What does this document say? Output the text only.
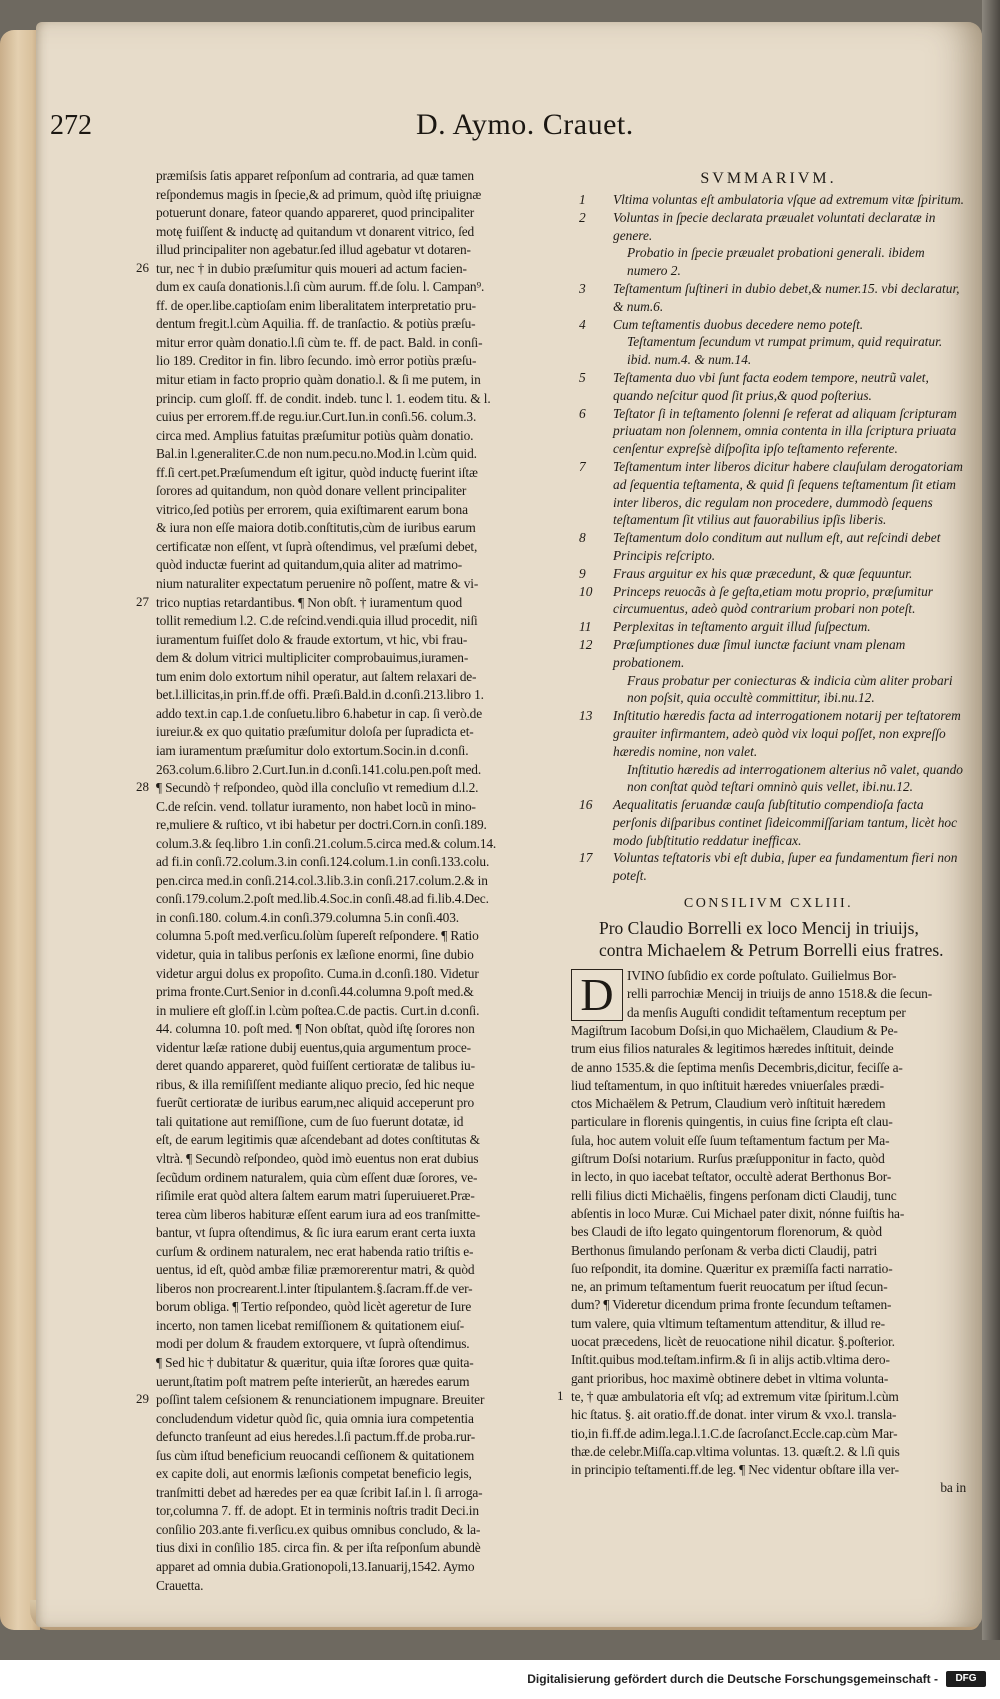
272	D. Aymo. Crauet.
præmiſsis ſatis apparet reſponſum ad contraria, ad quæ tamen
reſpondemus magis in ſpecie,& ad primum, quòd iſtę priuignæ
potuerunt donare, fateor quando appareret, quod principaliter
motę fuiſſent & inductę ad quitandum vt donarent vitrico, ſed
illud principaliter non agebatur.ſed illud agebatur vt dotaren-
tur, nec † in dubio præſumitur quis moueri ad actum facien-
dum ex cauſa donationis.l.ſi cùm aurum. ff.de ſolu. l. Campan⁹.
ff. de oper.libe.captioſam enim liberalitatem interpretatio pru-
dentum fregit.l.cùm Aquilia. ff. de tranſactio. & potiùs præſu-
mitur error quàm donatio.l.ſi cùm te. ff. de pact. Bald. in conſi-
lio 189. Creditor in fin. libro ſecundo. imò error potiùs præſu-
mitur etiam in facto proprio quàm donatio.l. & ſi me putem, in
princip. cum gloſſ. ff. de condit. indeb. tunc l. 1. eodem titu. & l.
cuius per errorem.ff.de regu.iur.Curt.Iun.in conſi.56. colum.3.
circa med. Amplius fatuitas præſumitur potiùs quàm donatio.
Bal.in l.generaliter.C.de non num.pecu.no.Mod.in l.cùm quid.
ff.ſi cert.pet.Præſumendum eſt igitur, quòd inductę fuerint iſtæ
ſorores ad quitandum, non quòd donare vellent principaliter
vitrico,ſed potiùs per errorem, quia exiſtimarent earum bona
& iura non eſſe maiora dotib.conſtitutis,cùm de iuribus earum
certificatæ non eſſent, vt ſuprà oſtendimus, vel præſumi debet,
quòd inductæ fuerint ad quitandum,quia aliter ad matrimo-
nium naturaliter expectatum peruenire nõ poſſent, matre & vi-
trico nuptias retardantibus. ¶ Non obſt. † iuramentum quod
tollit remedium l.2. C.de reſcind.vendi.quia illud procedit, niſi
iuramentum fuiſſet dolo & fraude extortum, vt hic, vbi frau-
dem & dolum vitrici multipliciter comprobauimus,iuramen-
tum enim dolo extortum nihil operatur, aut ſaltem relaxari de-
bet.l.illicitas,in prin.ff.de offi. Præſi.Bald.in d.conſi.213.libro 1.
addo text.in cap.1.de conſuetu.libro 6.habetur in cap. ſi verò.de
iureiur.& ex quo quitatio præſumitur doloſa per ſupradicta et-
iam iuramentum præſumitur dolo extortum.Socin.in d.conſi.
263.colum.6.libro 2.Curt.Iun.in d.conſi.141.colu.pen.poſt med.
¶ Secundò † reſpondeo, quòd illa concluſio vt remedium d.l.2.
C.de reſcin. vend. tollatur iuramento, non habet locũ in mino-
re,muliere & ruſtico, vt ibi habetur per doctri.Corn.in conſi.189.
colum.3.& ſeq.libro 1.in conſi.21.colum.5.circa med.& colum.14.
ad fi.in conſi.72.colum.3.in conſi.124.colum.1.in conſi.133.colu.
pen.circa med.in conſi.214.col.3.lib.3.in conſi.217.colum.2.& in
conſi.179.colum.2.poſt med.lib.4.Soc.in conſi.48.ad fi.lib.4.Dec.
in conſi.180. colum.4.in conſi.379.columna 5.in conſi.403.
columna 5.poſt med.verſicu.ſolùm ſupereſt reſpondere. ¶ Ratio
videtur, quia in talibus perſonis ex læſione enormi, ſine dubio
videtur argui dolus ex propoſito. Cuma.in d.conſi.180. Videtur
prima fronte.Curt.Senior in d.conſi.44.columna 9.poſt med.&
in muliere eſt gloſſ.in l.cùm poſtea.C.de pactis. Curt.in d.conſi.
44. columna 10. poſt med. ¶ Non obſtat, quòd iſtę ſorores non
videntur læſæ ratione dubij euentus,quia argumentum proce-
deret quando appareret, quòd fuiſſent certioratæ de talibus iu-
ribus, & illa remiſiſſent mediante aliquo precio, ſed hic neque
fuerũt certioratæ de iuribus earum,nec aliquid acceperunt pro
tali quitatione aut remiſſione, cum de ſuo fuerunt dotatæ, id
eſt, de earum legitimis quæ aſcendebant ad dotes conſtitutas &
vltrà. ¶ Secundò reſpondeo, quòd imò euentus non erat dubius
ſecũdum ordinem naturalem, quia cùm eſſent duæ ſorores, ve-
riſimile erat quòd altera ſaltem earum matri ſuperuiueret.Præ-
terea cùm liberos habituræ eſſent earum iura ad eos tranſmitte-
bantur, vt ſupra oſtendimus, & ſic iura earum erant certa iuxta
curſum & ordinem naturalem, nec erat habenda ratio triſtis e-
uentus, id eſt, quòd ambæ filiæ præmorerentur matri, & quòd
liberos non procrearent.l.inter ſtipulantem.§.ſacram.ff.de ver-
borum obliga. ¶ Tertio reſpondeo, quòd licèt ageretur de Iure
incerto, non tamen licebat remiſſionem & quitationem eiuſ-
modi per dolum & fraudem extorquere, vt ſuprà oſtendimus.
¶ Sed hic † dubitatur & quæritur, quia iſtæ ſorores quæ quita-
uerunt,ſtatim poſt matrem peſte interierũt, an hæredes earum
poſſint talem ceſsionem & renunciationem impugnare. Breuiter
concludendum videtur quòd ſic, quia omnia iura competentia
defuncto tranſeunt ad eius heredes.l.ſi pactum.ff.de proba.rur-
ſus cùm iſtud beneficium reuocandi ceſſionem & quitationem
ex capite doli, aut enormis læſionis competat beneficio legis,
tranſmitti debet ad hæredes per ea quæ ſcribit Iaſ.in l. ſi arroga-
tor,columna 7. ff. de adopt. Et in terminis noſtris tradit Deci.in
conſilio 203.ante fi.verſicu.ex quibus omnibus concludo, & la-
tius dixi in conſilio 185. circa fin. & per iſta reſponſum abundè
apparet ad omnia dubia.Grationopoli,13.Ianuarij,1542. Aymo
Crauetta.
26
27
28
29
SVMMARIVM.
1 Vltima voluntas eſt ambulatoria vſque ad extremum vitæ ſpiritum.
2 Voluntas in ſpecie declarata præualet voluntati declaratæ in genere.
Probatio in ſpecie præualet probationi generali. ibidem numero 2.
3 Teſtamentum ſuſtineri in dubio debet,& numer.15. vbi declaratur, & num.6.
4 Cum teſtamentis duobus decedere nemo poteſt.
Teſtamentum ſecundum vt rumpat primum, quid requiratur. ibid. num.4. & num.14.
5 Teſtamenta duo vbi ſunt facta eodem tempore, neutrũ valet, quando neſcitur quod ſit prius,& quod poſterius.
6 Teſtator ſi in teſtamento ſolenni ſe referat ad aliquam ſcripturam priuatam non ſolennem, omnia contenta in illa ſcriptura priuata cenſentur expreſsè diſpoſita ipſo teſtamento referente.
7 Teſtamentum inter liberos dicitur habere clauſulam derogatoriam ad ſequentia teſtamenta, & quid ſi ſequens teſtamentum ſit etiam inter liberos, dic regulam non procedere, dummodò ſequens teſtamentum ſit vtilius aut fauorabilius ipſis liberis.
8 Teſtamentum dolo conditum aut nullum eſt, aut reſcindi debet Principis reſcripto.
9 Fraus arguitur ex his quæ præcedunt, & quæ ſequuntur.
10 Princeps reuocãs à ſe geſta,etiam motu proprio, præſumitur circumuentus, adeò quòd contrarium probari non poteſt.
11 Perplexitas in teſtamento arguit illud ſuſpectum.
12 Præſumptiones duæ ſimul iunctæ faciunt vnam plenam probationem.
Fraus probatur per coniecturas & indicia cùm aliter probari non poſsit, quia occultè committitur, ibi.nu.12.
13 Inſtitutio hæredis facta ad interrogationem notarij per teſtatorem grauiter infirmantem, adeò quòd vix loqui poſſet, non expreſſo hæredis nomine, non valet.
Inſtitutio hæredis ad interrogationem alterius nõ valet, quando non conſtat quòd teſtari omninò quis vellet, ibi.nu.12.
16 Aequalitatis ſeruandæ cauſa ſubſtitutio compendioſa facta perſonis diſparibus continet ſideicommiſſariam tantum, licèt hoc modo ſubſtitutio reddatur inefficax.
17 Voluntas teſtatoris vbi eſt dubia, ſuper ea fundamentum fieri non poteſt.
CONSILIVM CXLIII.
Pro Claudio Borrelli ex loco Mencij in triuijs, contra Michaelem & Petrum Borrelli eius fratres.
D IVINO ſubſidio ex corde poſtulato. Guilielmus Bor-
relli parrochiæ Mencij in triuijs de anno 1518.& die ſecun-
da menſis Auguſti condidit teſtamentum receptum per
Magiſtrum Iacobum Doſsi,in quo Michaëlem, Claudium & Pe-
trum eius filios naturales & legitimos hæredes inſtituit, deinde
de anno 1535.& die ſeptima menſis Decembris,dicitur, feciſſe a-
liud teſtamentum, in quo inſtituit hæredes vniuerſales prædi-
ctos Michaëlem & Petrum, Claudium verò inſtituit hæredem
particulare in florenis quingentis, in cuius fine ſcripta eſt clau-
ſula, hoc autem voluit eſſe ſuum teſtamentum factum per Ma-
giſtrum Doſsi notarium. Rurſus præſupponitur in facto, quòd
in lecto, in quo iacebat teſtator, occultè aderat Berthonus Bor-
relli filius dicti Michaëlis, fingens perſonam dicti Claudij, tunc
abſentis in loco Muræ. Cui Michael pater dixit, nónne fuiſtis ha-
bes Claudi de iſto legato quingentorum florenorum, & quòd
Berthonus ſimulando perſonam & verba dicti Claudij, patri
ſuo reſpondit, ita domine. Quæritur ex præmiſſa facti narratio-
ne, an primum teſtamentum fuerit reuocatum per iſtud ſecun-
dum? ¶ Videretur dicendum prima fronte ſecundum teſtamen-
tum valere, quia vltimum teſtamentum attenditur, & illud re-
uocat præcedens, licèt de reuocatione nihil dicatur. §.poſterior.
Inſtit.quibus mod.teſtam.infirm.& ſi in alijs actib.vltima dero-
gant prioribus, hoc maximè obtinere debet in vltima volunta-
te, † quæ ambulatoria eſt vſq; ad extremum vitæ ſpiritum.l.cùm
hic ſtatus. §. ait oratio.ff.de donat. inter virum & vxo.l. transla-
tio,in fi.ff.de adim.lega.l.1.C.de ſacroſanct.Eccle.cap.cùm Mar-
thæ.de celebr.Miſſa.cap.vltima voluntas. 13. quæſt.2. & l.ſi quis
in principio teſtamenti.ff.de leg. ¶ Nec videntur obſtare illa ver-
ba in
1
Digitalisierung gefördert durch die Deutsche Forschungsgemeinschaft -	DFG
